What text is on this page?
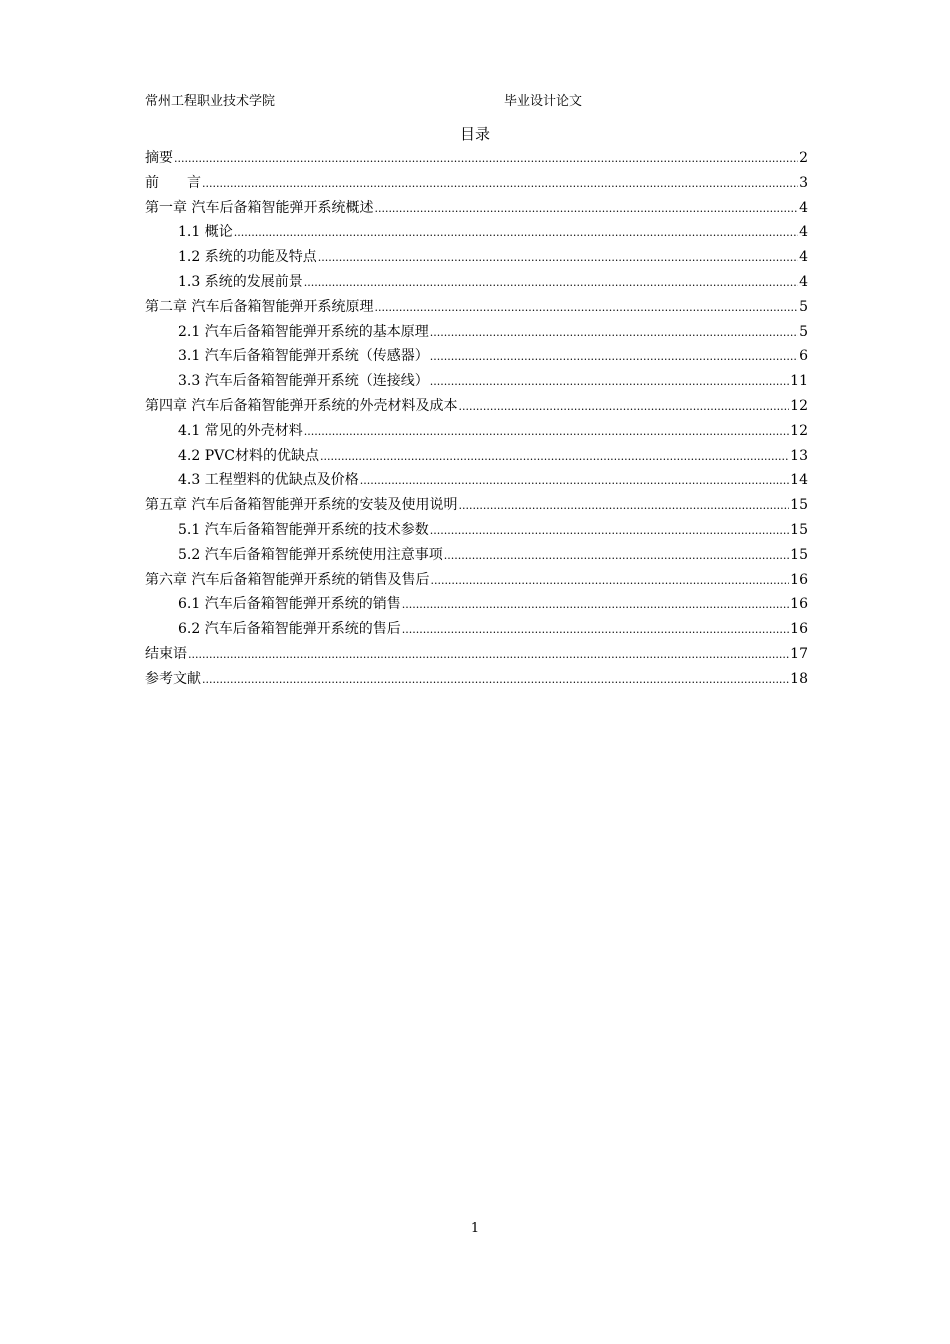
常州工程职业技术学院	毕业设计论文
目录
摘要 .....	2
前　　言 .....	3
第一章 汽车后备箱智能弹开系统概述 .....	4
1.1 概论 .....	4
1.2 系统的功能及特点 .....	4
1.3 系统的发展前景 .....	4
第二章 汽车后备箱智能弹开系统原理 .....	5
2.1 汽车后备箱智能弹开系统的基本原理 .....	5
3.1 汽车后备箱智能弹开系统（传感器） .....	6
3.3 汽车后备箱智能弹开系统（连接线） .....	11
第四章 汽车后备箱智能弹开系统的外壳材料及成本 .....	12
4.1 常见的外壳材料 .....	12
4.2 PVC材料的优缺点 .....	13
4.3 工程塑料的优缺点及价格 .....	14
第五章 汽车后备箱智能弹开系统的安装及使用说明 .....	15
5.1 汽车后备箱智能弹开系统的技术参数 .....	15
5.2 汽车后备箱智能弹开系统使用注意事项 .....	15
第六章 汽车后备箱智能弹开系统的销售及售后 .....	16
6.1 汽车后备箱智能弹开系统的销售 .....	16
6.2 汽车后备箱智能弹开系统的售后 .....	16
结束语 .....	17
参考文献 .....	18
1
